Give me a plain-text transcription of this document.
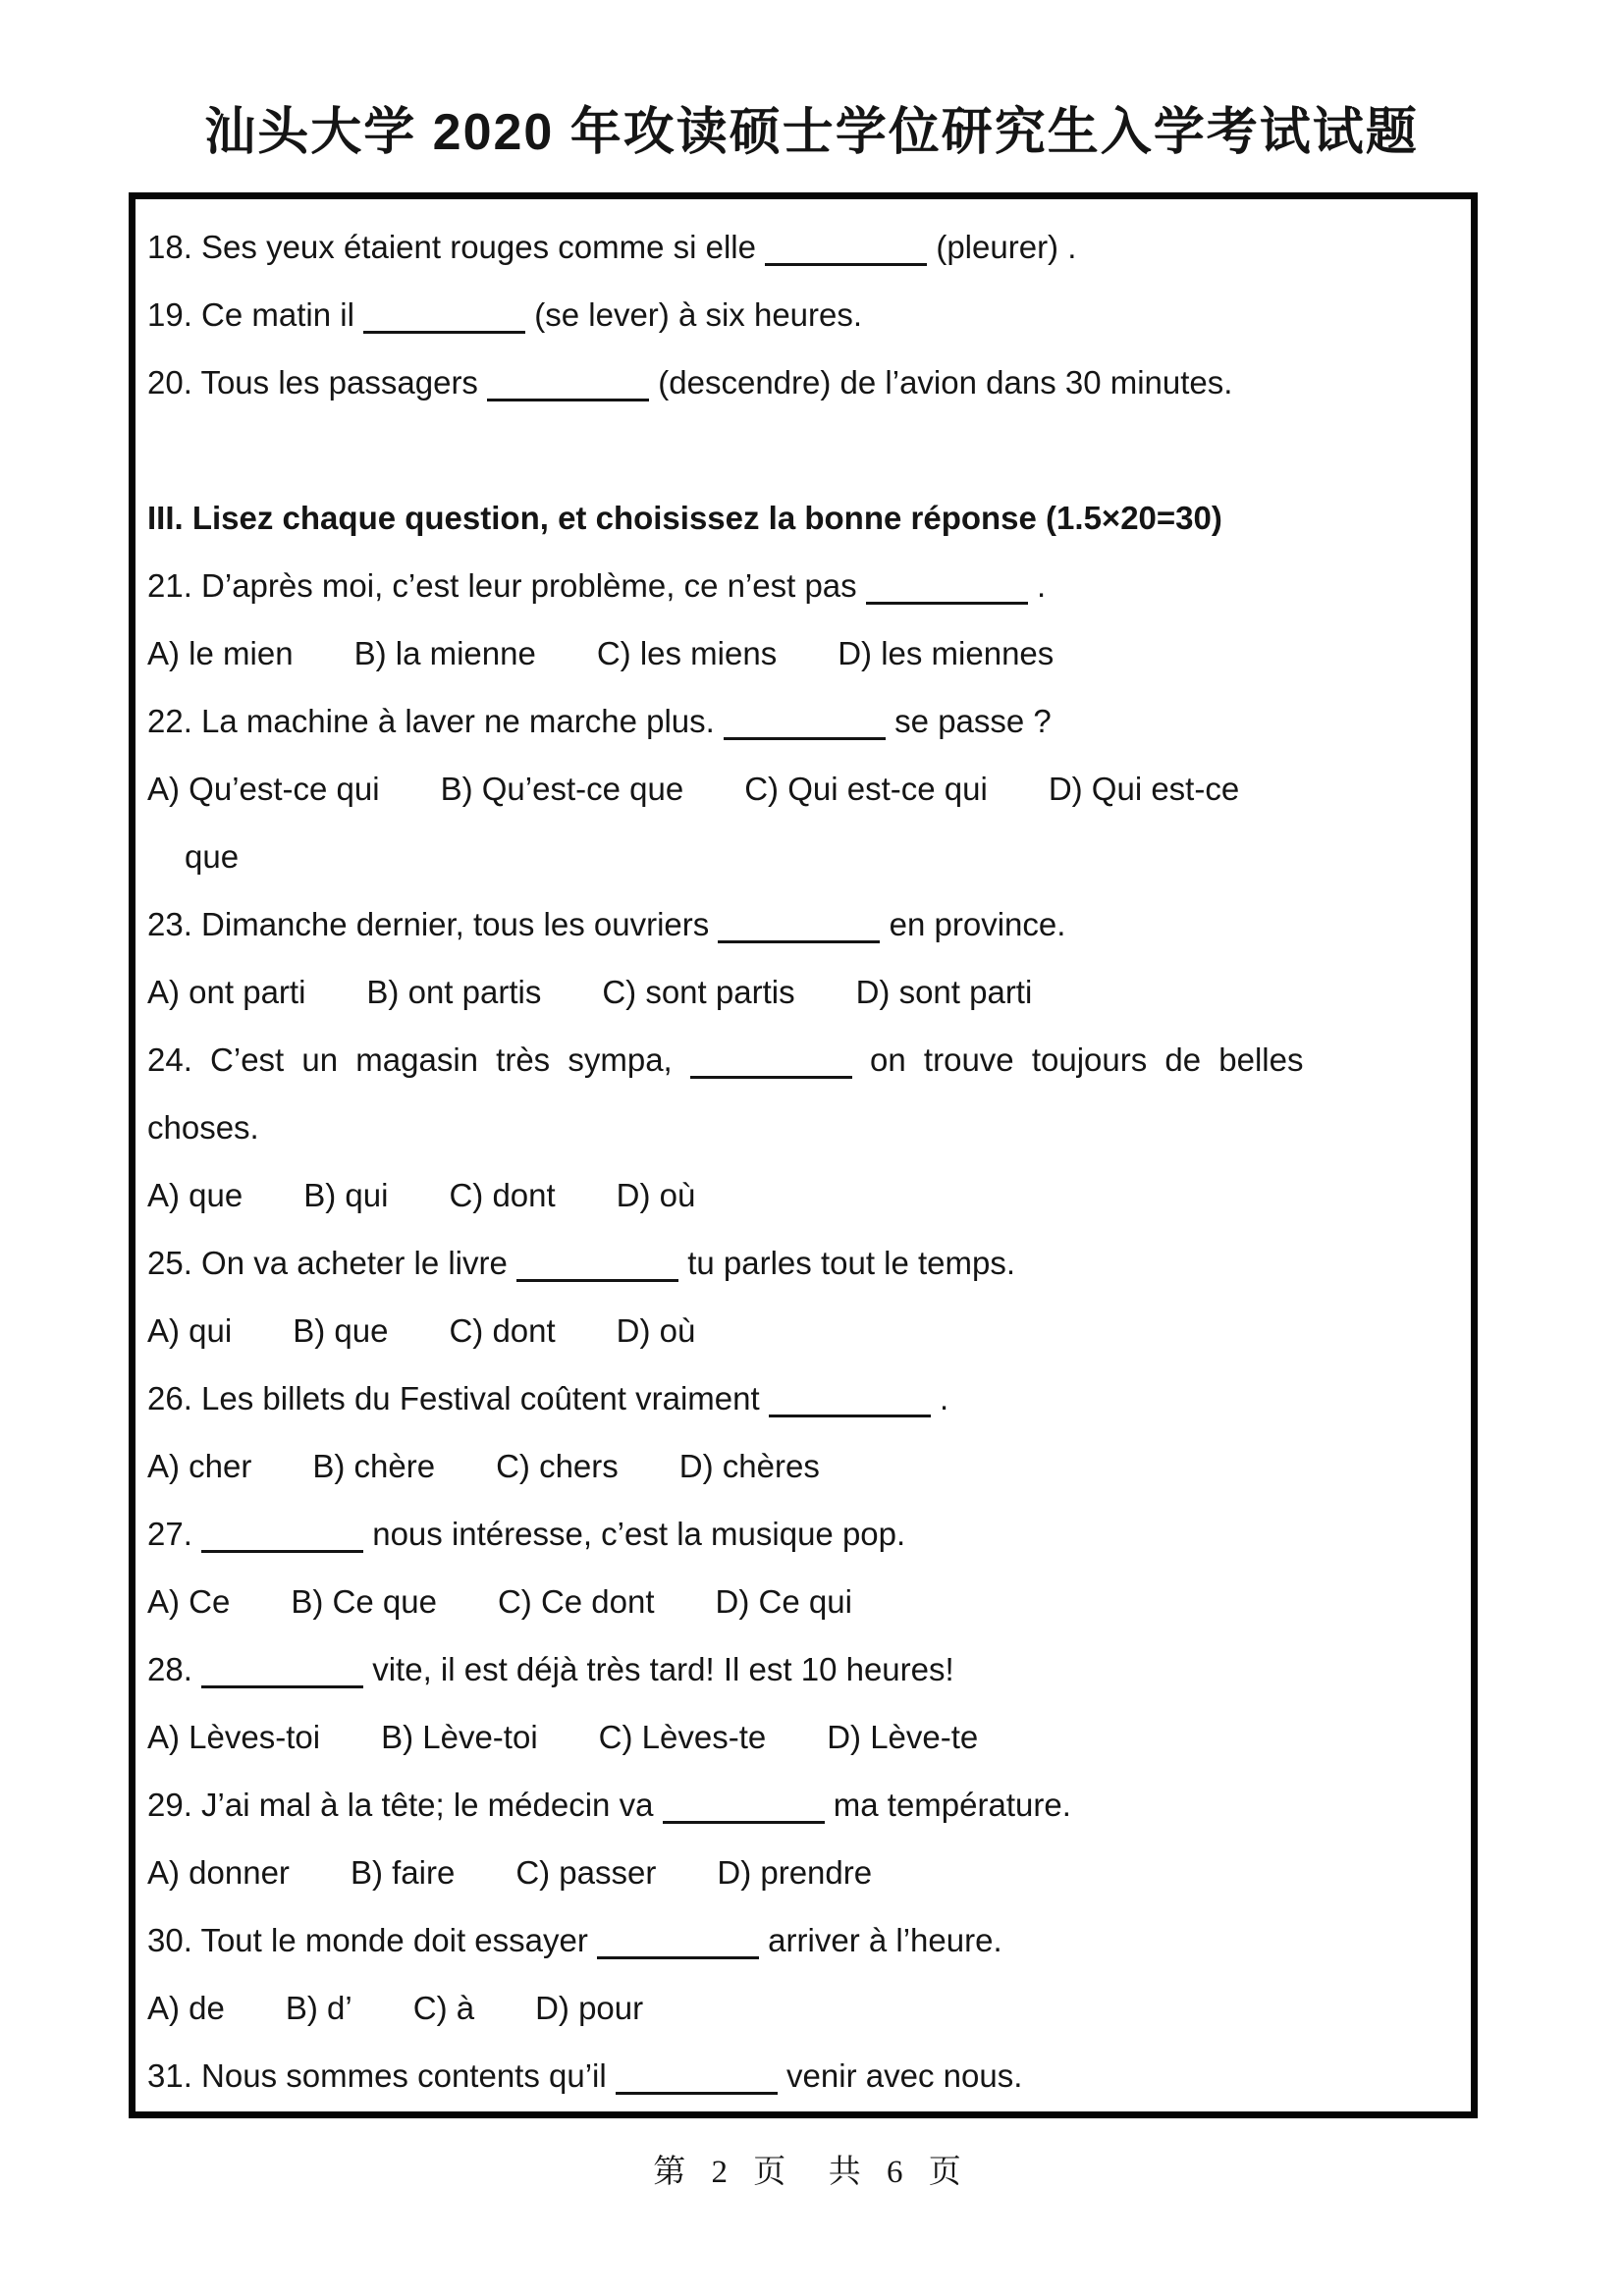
汕头大学 2020 年攻读硕士学位研究生入学考试试题
18. Ses yeux étaient rouges comme si elle	(pleurer) .
19. Ce matin il	(se lever) à six heures.
20. Tous les passagers	(descendre) de l’avion dans 30 minutes.
III. Lisez chaque question, et choisissez la bonne réponse (1.5×20=30)
21. D’après moi, c’est leur problème, ce n’est pas	.
A) le mien B) la mienne C) les miens D) les miennes
22. La machine à laver ne marche plus.	se passe ?
A) Qu’est-ce qui B) Qu’est-ce que C) Qui est-ce qui D) Qui est-ce
que
23. Dimanche dernier, tous les ouvriers	en province.
A) ont parti B) ont partis C) sont partis D) sont parti
24. C’est un magasin très sympa,	on trouve toujours de belles
choses.
A) que B) qui C) dont D) où
25. On va acheter le livre	tu parles tout le temps.
A) qui B) que C) dont D) où
26. Les billets du Festival coûtent vraiment	.
A) cher B) chère C) chers D) chères
27.	nous intéresse, c’est la musique pop.
A) Ce B) Ce que C) Ce dont D) Ce qui
28.	vite, il est déjà très tard! Il est 10 heures!
A) Lèves-toi B) Lève-toi C) Lèves-te D) Lève-te
29. J’ai mal à la tête; le médecin va	ma température.
A) donner B) faire C) passer D) prendre
30. Tout le monde doit essayer	arriver à l’heure.
A) de B) d’ C) à D) pour
31. Nous sommes contents qu’il	venir avec nous.
第 2 页  共 6 页
